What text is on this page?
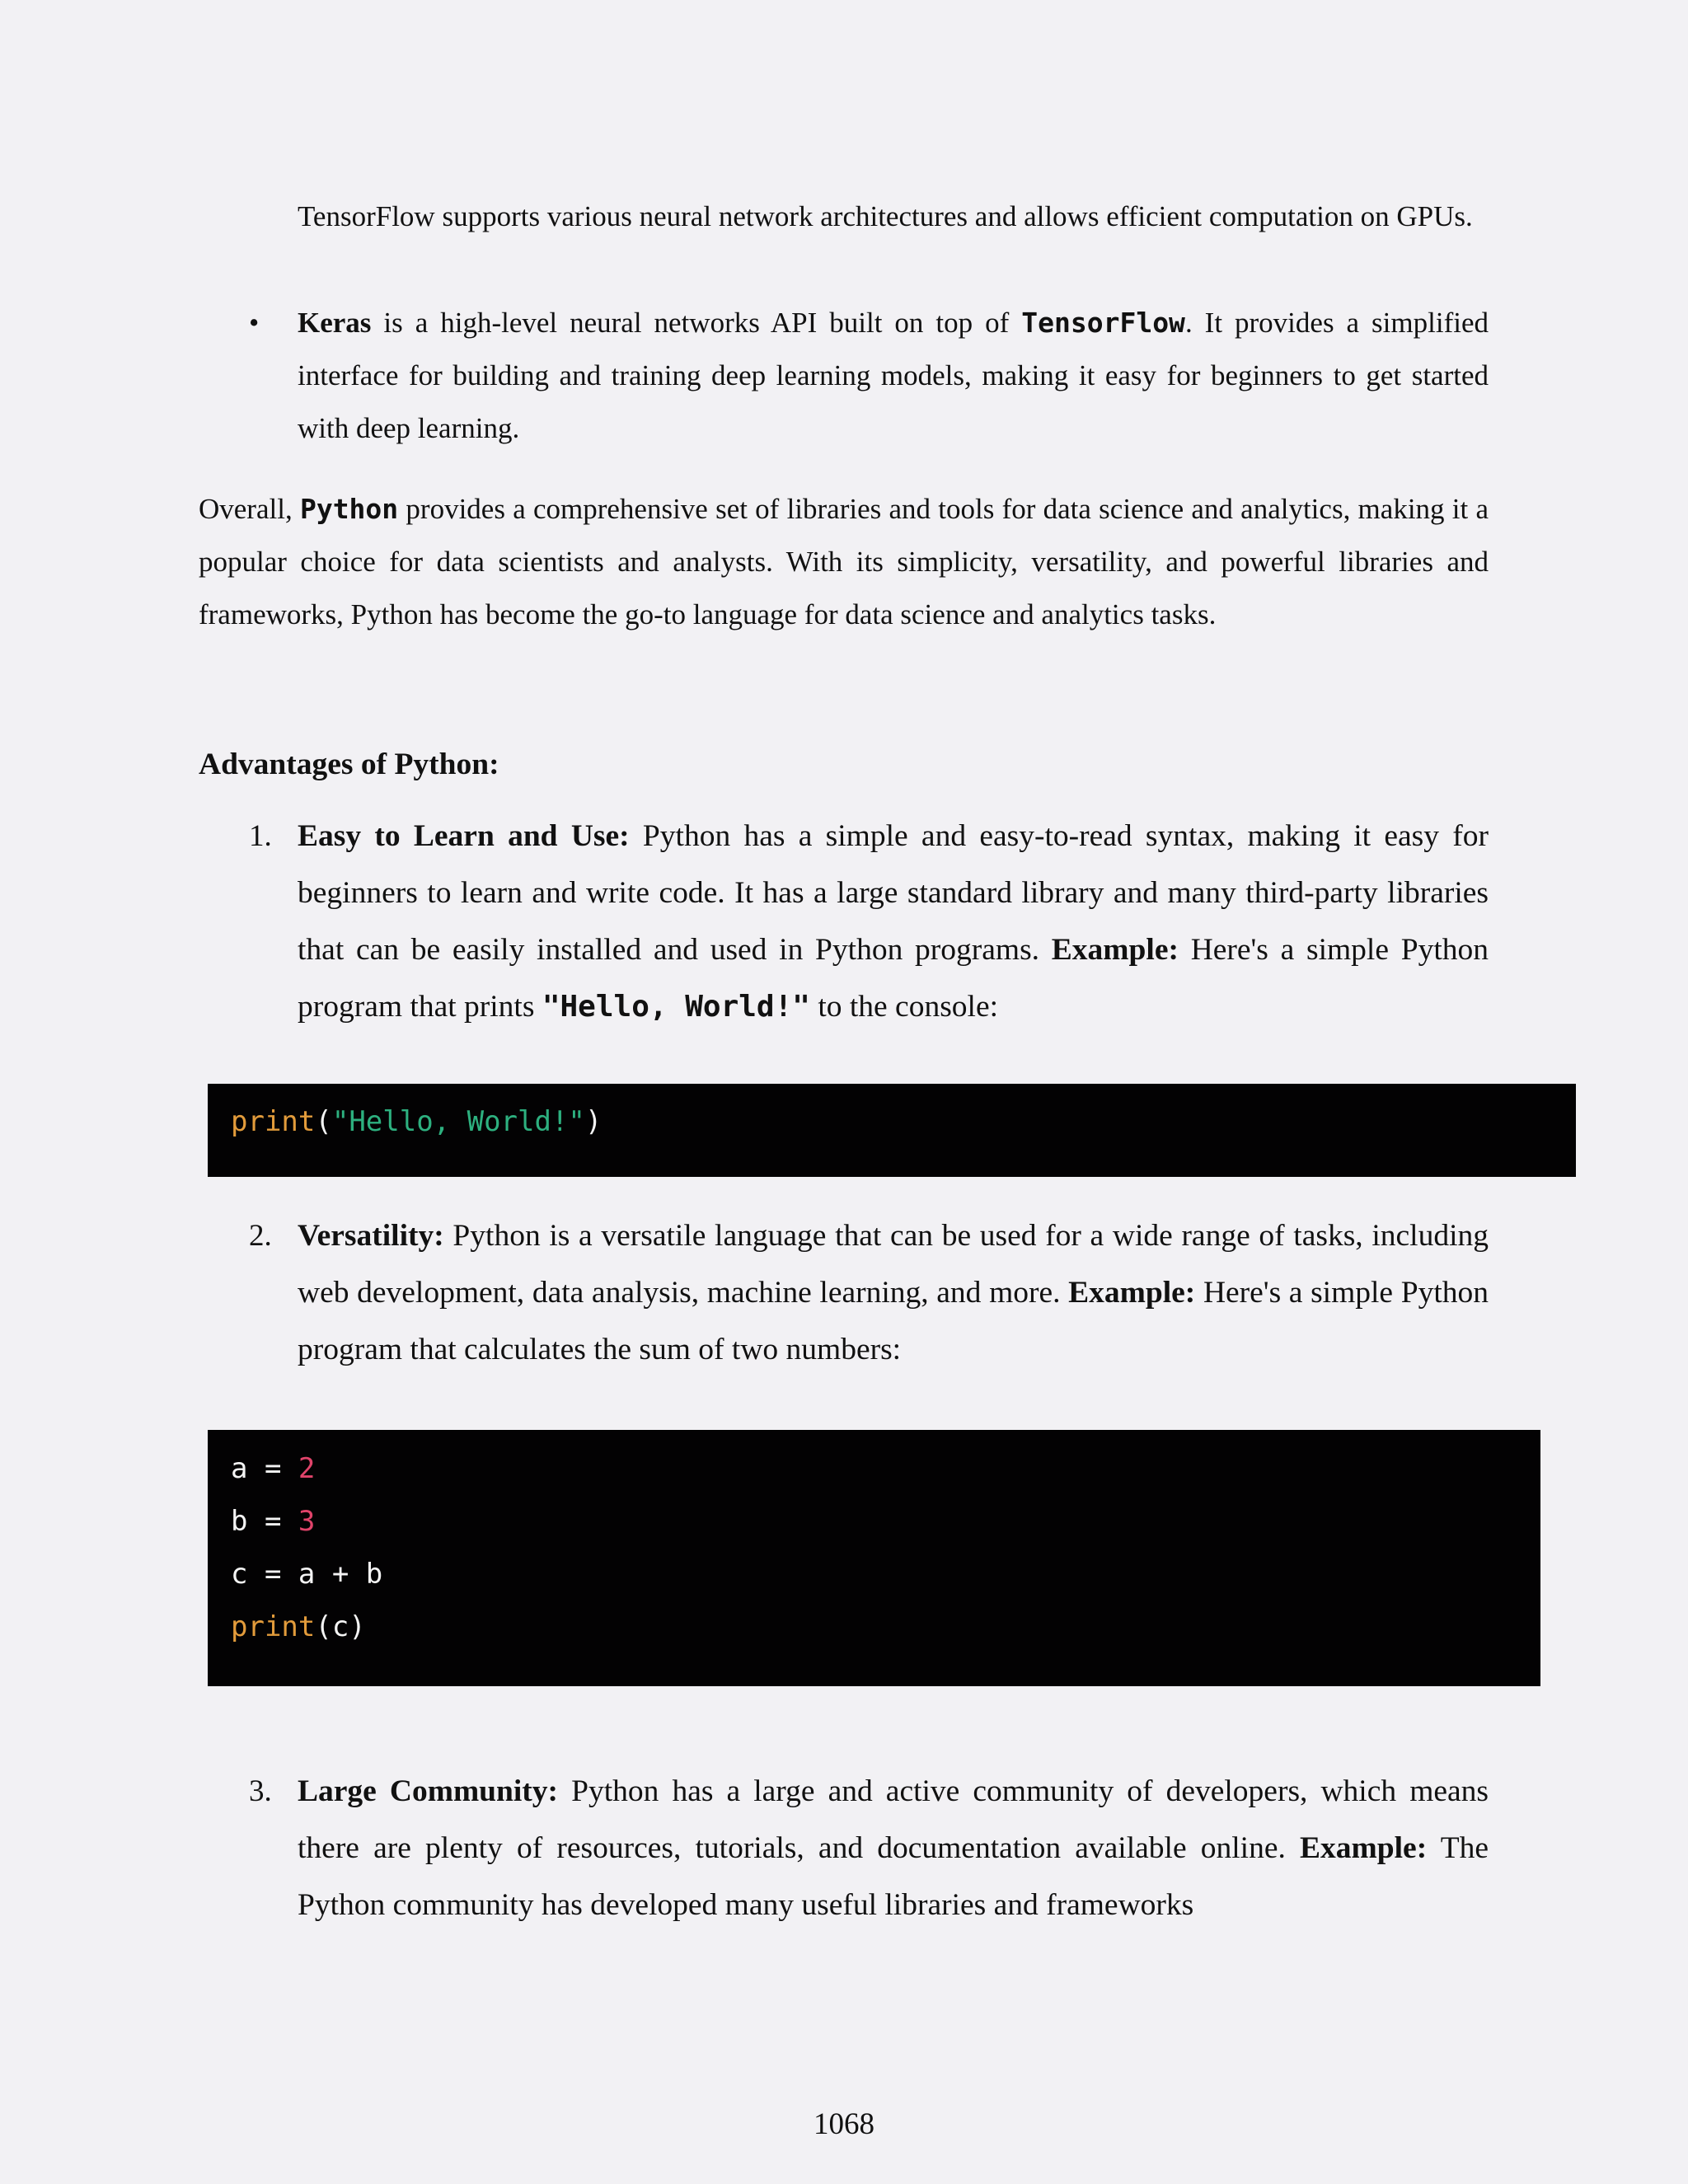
TensorFlow supports various neural network architectures and allows efficient computation on GPUs.
• Keras is a high-level neural networks API built on top of TensorFlow. It provides a simplified interface for building and training deep learning models, making it easy for beginners to get started with deep learning.
Overall, Python provides a comprehensive set of libraries and tools for data science and analytics, making it a popular choice for data scientists and analysts. With its simplicity, versatility, and powerful libraries and frameworks, Python has become the go-to language for data science and analytics tasks.
Advantages of Python:
1. Easy to Learn and Use: Python has a simple and easy-to-read syntax, making it easy for beginners to learn and write code. It has a large standard library and many third-party libraries that can be easily installed and used in Python programs. Example: Here's a simple Python program that prints "Hello, World!" to the console:
print("Hello, World!")
2. Versatility: Python is a versatile language that can be used for a wide range of tasks, including web development, data analysis, machine learning, and more. Example: Here's a simple Python program that calculates the sum of two numbers:
a = 2
b = 3
c = a + b
print(c)
3. Large Community: Python has a large and active community of developers, which means there are plenty of resources, tutorials, and documentation available online. Example: The Python community has developed many useful libraries and frameworks
1068
